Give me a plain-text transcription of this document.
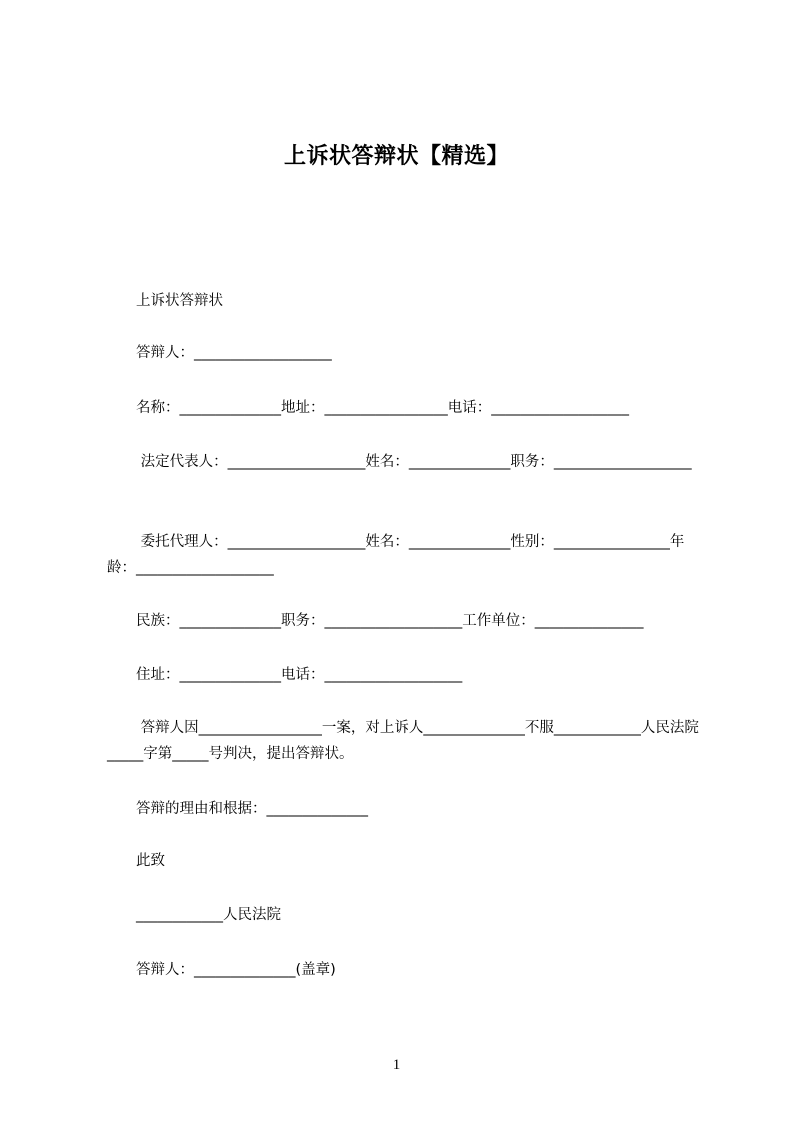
上诉状答辩状【精选】
上诉状答辩状
答辩人：___________________
名称：______________地址：_________________电话：___________________
法定代表人：___________________姓名：______________职务：___________________
委托代理人：___________________姓名：______________性别：________________年龄：___________________
民族：______________职务：___________________工作单位：_______________
住址：______________电话：___________________
答辩人因_________________一案，对上诉人______________不服____________人民法院_____字第_____号判决，提出答辩状。
答辩的理由和根据：______________
此致
____________人民法院
答辩人：______________(盖章)
1
